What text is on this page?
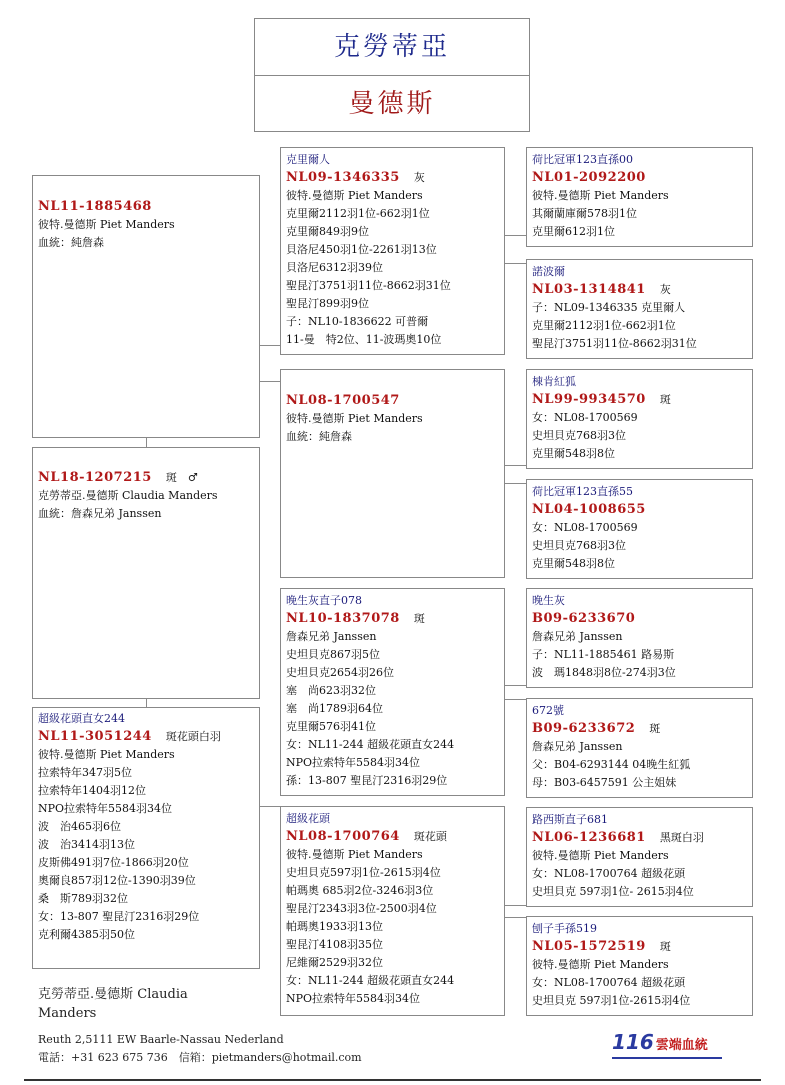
克勞蒂亞
曼德斯
NL11-1885468
彼特.曼德斯 Piet Manders
血統：純詹森
NL18-1207215 斑　♂
克勞蒂亞.曼德斯 Claudia Manders
血統：詹森兄弟 Janssen
超級花頭直女244
NL11-3051244 斑花頭白羽
彼特.曼德斯 Piet Manders
拉索特年347羽5位
拉索特年1404羽12位
NPO拉索特年5584羽34位
波　治465羽6位
波　治3414羽13位
皮斯佛491羽7位-1866羽20位
奧爾良857羽12位-1390羽39位
桑　斯789羽32位
女：13-807 聖昆汀2316羽29位
克利爾4385羽50位
克里爾人
NL09-1346335 灰
彼特.曼德斯 Piet Manders
克里爾2112羽1位-662羽1位
克里爾849羽9位
貝洛尼450羽1位-2261羽13位
貝洛尼6312羽39位
聖昆汀3751羽11位-8662羽31位
聖昆汀899羽9位
子：NL10-1836622 可普爾
11-曼　特2位、11-波瑪奧10位
NL08-1700547
彼特.曼德斯 Piet Manders
血統：純詹森
晚生灰直子078
NL10-1837078 斑
詹森兄弟 Janssen
史坦貝克867羽5位
史坦貝克2654羽26位
塞　尚623羽32位
塞　尚1789羽64位
克里爾576羽41位
女：NL11-244 超級花頭直女244
NPO拉索特年5584羽34位
孫：13-807 聖昆汀2316羽29位
超級花頭
NL08-1700764 斑花頭
彼特.曼德斯 Piet Manders
史坦貝克597羽1位-2615羽4位
帕瑪奧 685羽2位-3246羽3位
聖昆汀2343羽3位-2500羽4位
帕瑪奧1933羽13位
聖昆汀4108羽35位
尼維爾2529羽32位
女：NL11-244 超級花頭直女244
NPO拉索特年5584羽34位
荷比冠軍123直孫00
NL01-2092200
彼特.曼德斯 Piet Manders
其爾蘭庫爾578羽1位
克里爾612羽1位
諾波爾
NL03-1314841 灰
子：NL09-1346335 克里爾人
克里爾2112羽1位-662羽1位
聖昆汀3751羽11位-8662羽31位
棟肯紅狐
NL99-9934570 斑
女：NL08-1700569
史坦貝克768羽3位
克里爾548羽8位
荷比冠軍123直孫55
NL04-1008655
女：NL08-1700569
史坦貝克768羽3位
克里爾548羽8位
晚生灰
B09-6233670
詹森兄弟 Janssen
子：NL11-1885461 路易斯
波　瑪1848羽8位-274羽3位
672號
B09-6233672 斑
詹森兄弟 Janssen
父：B04-6293144 04晚生紅狐
母：B03-6457591 公主姐妹
路西斯直子681
NL06-1236681 黑斑白羽
彼特.曼德斯 Piet Manders
女：NL08-1700764 超級花頭
史坦貝克 597羽1位- 2615羽4位
刨子手孫519
NL05-1572519 斑
彼特.曼德斯 Piet Manders
女：NL08-1700764 超級花頭
史坦貝克 597羽1位-2615羽4位
克勞蒂亞.曼德斯 Claudia
Manders
Reuth 2,5111 EW Baarle-Nassau Nederland
電話：+31 623 675 736　信箱：pietmanders@hotmail.com
116 雲端血統
